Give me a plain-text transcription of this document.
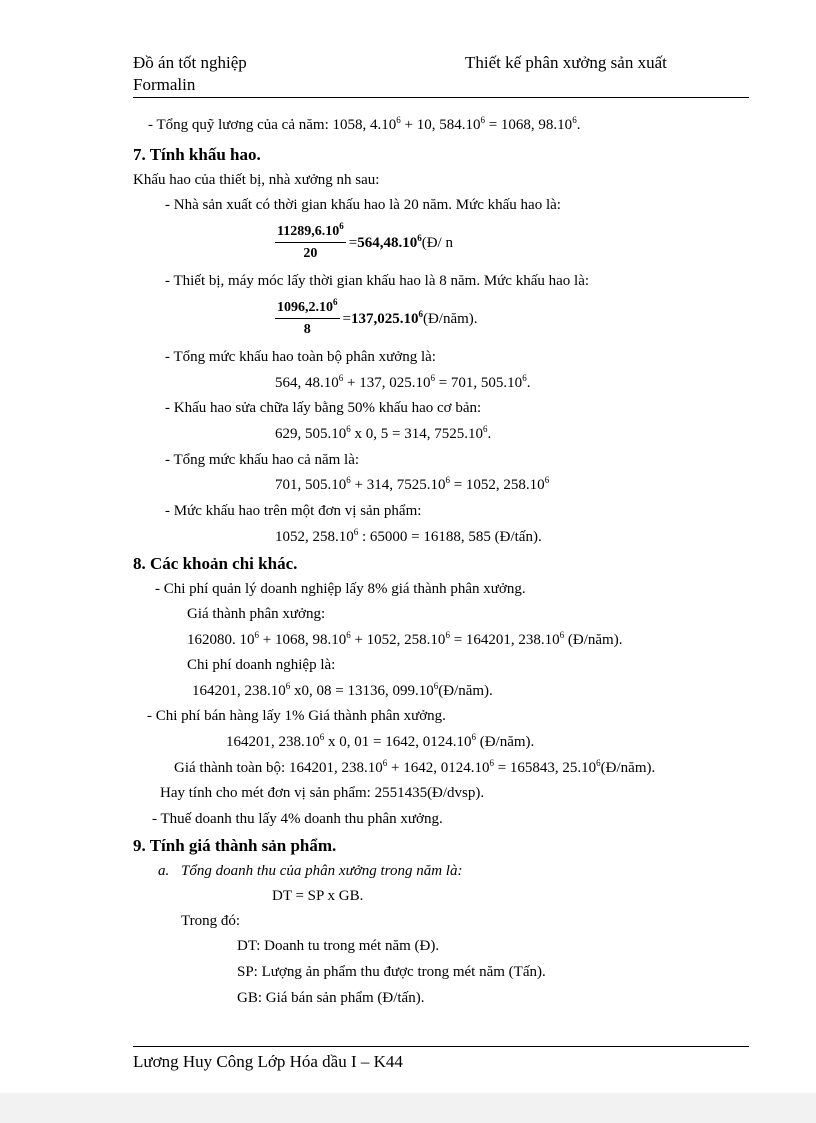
Đồ án tốt nghiệp
Formalin
Thiết kế phân xưởng sản xuất
- Tổng quỹ lương của cả năm: 1058, $4.10^6 + 10$, $584.10^6 = 1068$, 98.10$^6$.
7. Tính khấu hao.
Khấu hao của thiết bị, nhà xưởng nh sau:
- Nhà sản xuất có thời gian khấu hao là 20 năm. Mức khấu hao là:
$\frac{11289,6.10^6}{20} = 564,48.10^6$ (Đ/ n
- Thiết bị, máy móc lấy thời gian khấu hao là 8 năm. Mức khấu hao là:
$\frac{1096,2.10^6}{8} = 137,025.10^6$ (Đ/năm).
- Tổng mức khấu hao toàn bộ phân xưởng là:
564, $48.10^6 + 137$, $025.10^6 = 701$, 505.10$^6$.
- Khấu hao sửa chữa lấy bằng 50% khấu hao cơ bản:
629, 505.10$^6$ x 0, 5 = 314, 7525.10$^6$.
- Tổng mức khấu hao cả năm là:
701, $505.10^6 + 314$, $7525.10^6 = 1052$, 258.10$^6$
- Mức khấu hao trên một đơn vị sản phẩm:
1052, 258.10$^6$ : 65000 = 16188, 585 (Đ/tấn).
8. Các khoản chi khác.
- Chi phí quản lý doanh nghiệp lấy 8% giá thành phân xưởng.
Giá thành phân xưởng:
162080. $10^6 + 1068$, $98.10^6 + 1052$, $258.10^6 = 164201$, 238.10$^6$ (Đ/năm).
Chi phí doanh nghiệp là:
164201, 238.10$^6$ x0, 08 = 13136, 099.10$^6$(Đ/năm).
- Chi phí bán hàng lấy 1% Giá thành phân xưởng.
164201, 238.10$^6$ x 0, 01 = 1642, 0124.10$^6$ (Đ/năm).
Giá thành toàn bộ: 164201, $238.10^6 + 1642$, $0124.10^6 = 165843$, 25.10$^6$(Đ/năm).
Hay tính cho mét đơn vị sản phẩm: 2551435(Đ/dvsp).
- Thuế doanh thu lấy 4% doanh thu phân xưởng.
9. Tính giá thành sản phẩm.
a. Tổng doanh thu của phân xưởng trong năm là:
DT = SP x GB.
Trong đó:
DT: Doanh tu trong mét năm (Đ).
SP: Lượng ản phẩm thu được trong mét năm (Tấn).
GB: Giá bán sản phẩm (Đ/tấn).
Lương Huy Công Lớp Hóa dầu I – K44
